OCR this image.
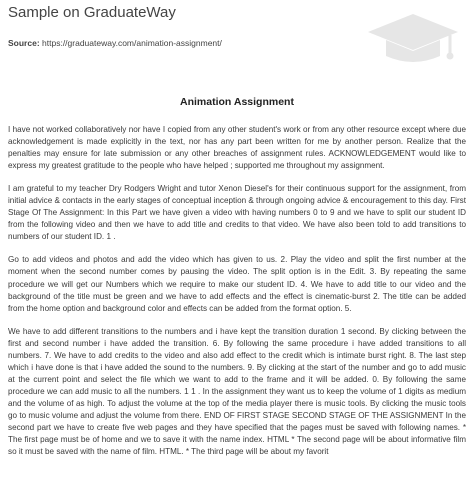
Sample on GraduateWay
Source: https://graduateway.com/animation-assignment/
Animation Assignment

I have not worked collaboratively nor have I copied from any other student's work or from any other resource except where due acknowledgement is made explicitly in the text, nor has any part been written for me by another person. Realize that the penalties may ensure for late submission or any other breaches of assignment rules. ACKNOWLEDGEMENT would like to express my greatest gratitude to the people who have helped ; supported me throughout my assignment.

I am grateful to my teacher Dry Rodgers Wright and tutor Xenon Diesel's for their continuous support for the assignment, from initial advice & contacts in the early stages of conceptual inception & through ongoing advice & encouragement to this day. First Stage Of The Assignment: In this Part we have given a video with having numbers 0 to 9 and we have to split our student ID from the following video and then we have to add title and credits to that video. We have also been told to add transitions to numbers of our student ID. 1 .

Go to add videos and photos and add the video which has given to us. 2. Play the video and split the first number at the moment when the second number comes by pausing the video. The split option is in the Edit. 3. By repeating the same procedure we will get our Numbers which we require to make our student ID. 4. We have to add title to our video and the background of the title must be green and we have to add effects and the effect is cinematic-burst 2. The title can be added from the home option and background color and effects can be added from the format option. 5.

We have to add different transitions to the numbers and i have kept the transition duration 1 second. By clicking between the first and second number i have added the transition. 6. By following the same procedure i have added transitions to all numbers. 7. We have to add credits to the video and also add effect to the credit which is intimate burst right. 8. The last step which i have done is that i have added the sound to the numbers. 9. By clicking at the start of the number and go to add music at the current point and select the file which we want to add to the frame and it will be added. 0. By following the same procedure we can add music to all the numbers. 1 1 . In the assignment they want us to keep the volume of 1 digits as medium and the volume of as high. To adjust the volume at the top of the media player there is music tools. By clicking the music tools go to music volume and adjust the volume from there. END OF FIRST STAGE SECOND STAGE OF THE ASSIGNMENT In the second part we have to create five web pages and they have specified that the pages must be saved with following names. * The first page must be of home and we to save it with the name index. HTML * The second page will be about informative film so it must be saved with the name of film. HTML. * The third page will be about my favorit
